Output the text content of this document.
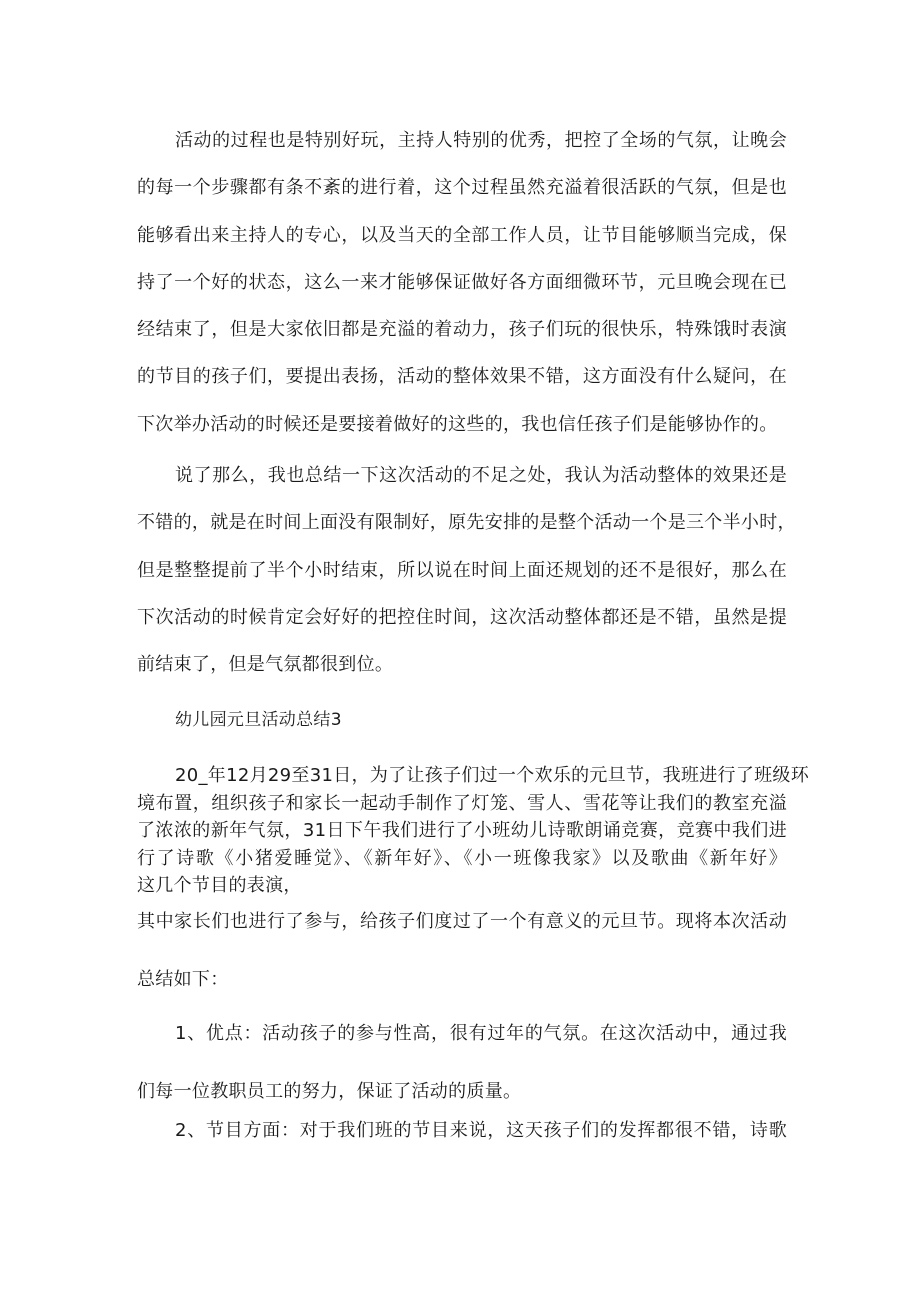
活动的过程也是特别好玩，主持人特别的优秀，把控了全场的气氛，让晚会
的每一个步骤都有条不紊的进行着，这个过程虽然充溢着很活跃的气氛，但是也
能够看出来主持人的专心，以及当天的全部工作人员，让节目能够顺当完成，保
持了一个好的状态，这么一来才能够保证做好各方面细微环节，元旦晚会现在已
经结束了，但是大家依旧都是充溢的着动力，孩子们玩的很快乐，特殊饿时表演
的节目的孩子们，要提出表扬，活动的整体效果不错，这方面没有什么疑问，在
下次举办活动的时候还是要接着做好的这些的，我也信任孩子们是能够协作的。
说了那么，我也总结一下这次活动的不足之处，我认为活动整体的效果还是
不错的，就是在时间上面没有限制好，原先安排的是整个活动一个是三个半小时，
但是整整提前了半个小时结束，所以说在时间上面还规划的还不是很好，那么在
下次活动的时候肯定会好好的把控住时间，这次活动整体都还是不错，虽然是提
前结束了，但是气氛都很到位。
幼儿园元旦活动总结3
20_年12月29至31日，为了让孩子们过一个欢乐的元旦节，我班进行了班级环
境布置，组织孩子和家长一起动手制作了灯笼、雪人、雪花等让我们的教室充溢
了浓浓的新年气氛，31日下午我们进行了小班幼儿诗歌朗诵竞赛，竞赛中我们进
行了诗歌《小猪爱睡觉》、《新年好》、《小一班像我家》以及歌曲《新年好》
这几个节目的表演，
其中家长们也进行了参与，给孩子们度过了一个有意义的元旦节。现将本次活动
总结如下：
1、优点：活动孩子的参与性高，很有过年的气氛。在这次活动中，通过我
们每一位教职员工的努力，保证了活动的质量。
2、节目方面：对于我们班的节目来说，这天孩子们的发挥都很不错，诗歌
